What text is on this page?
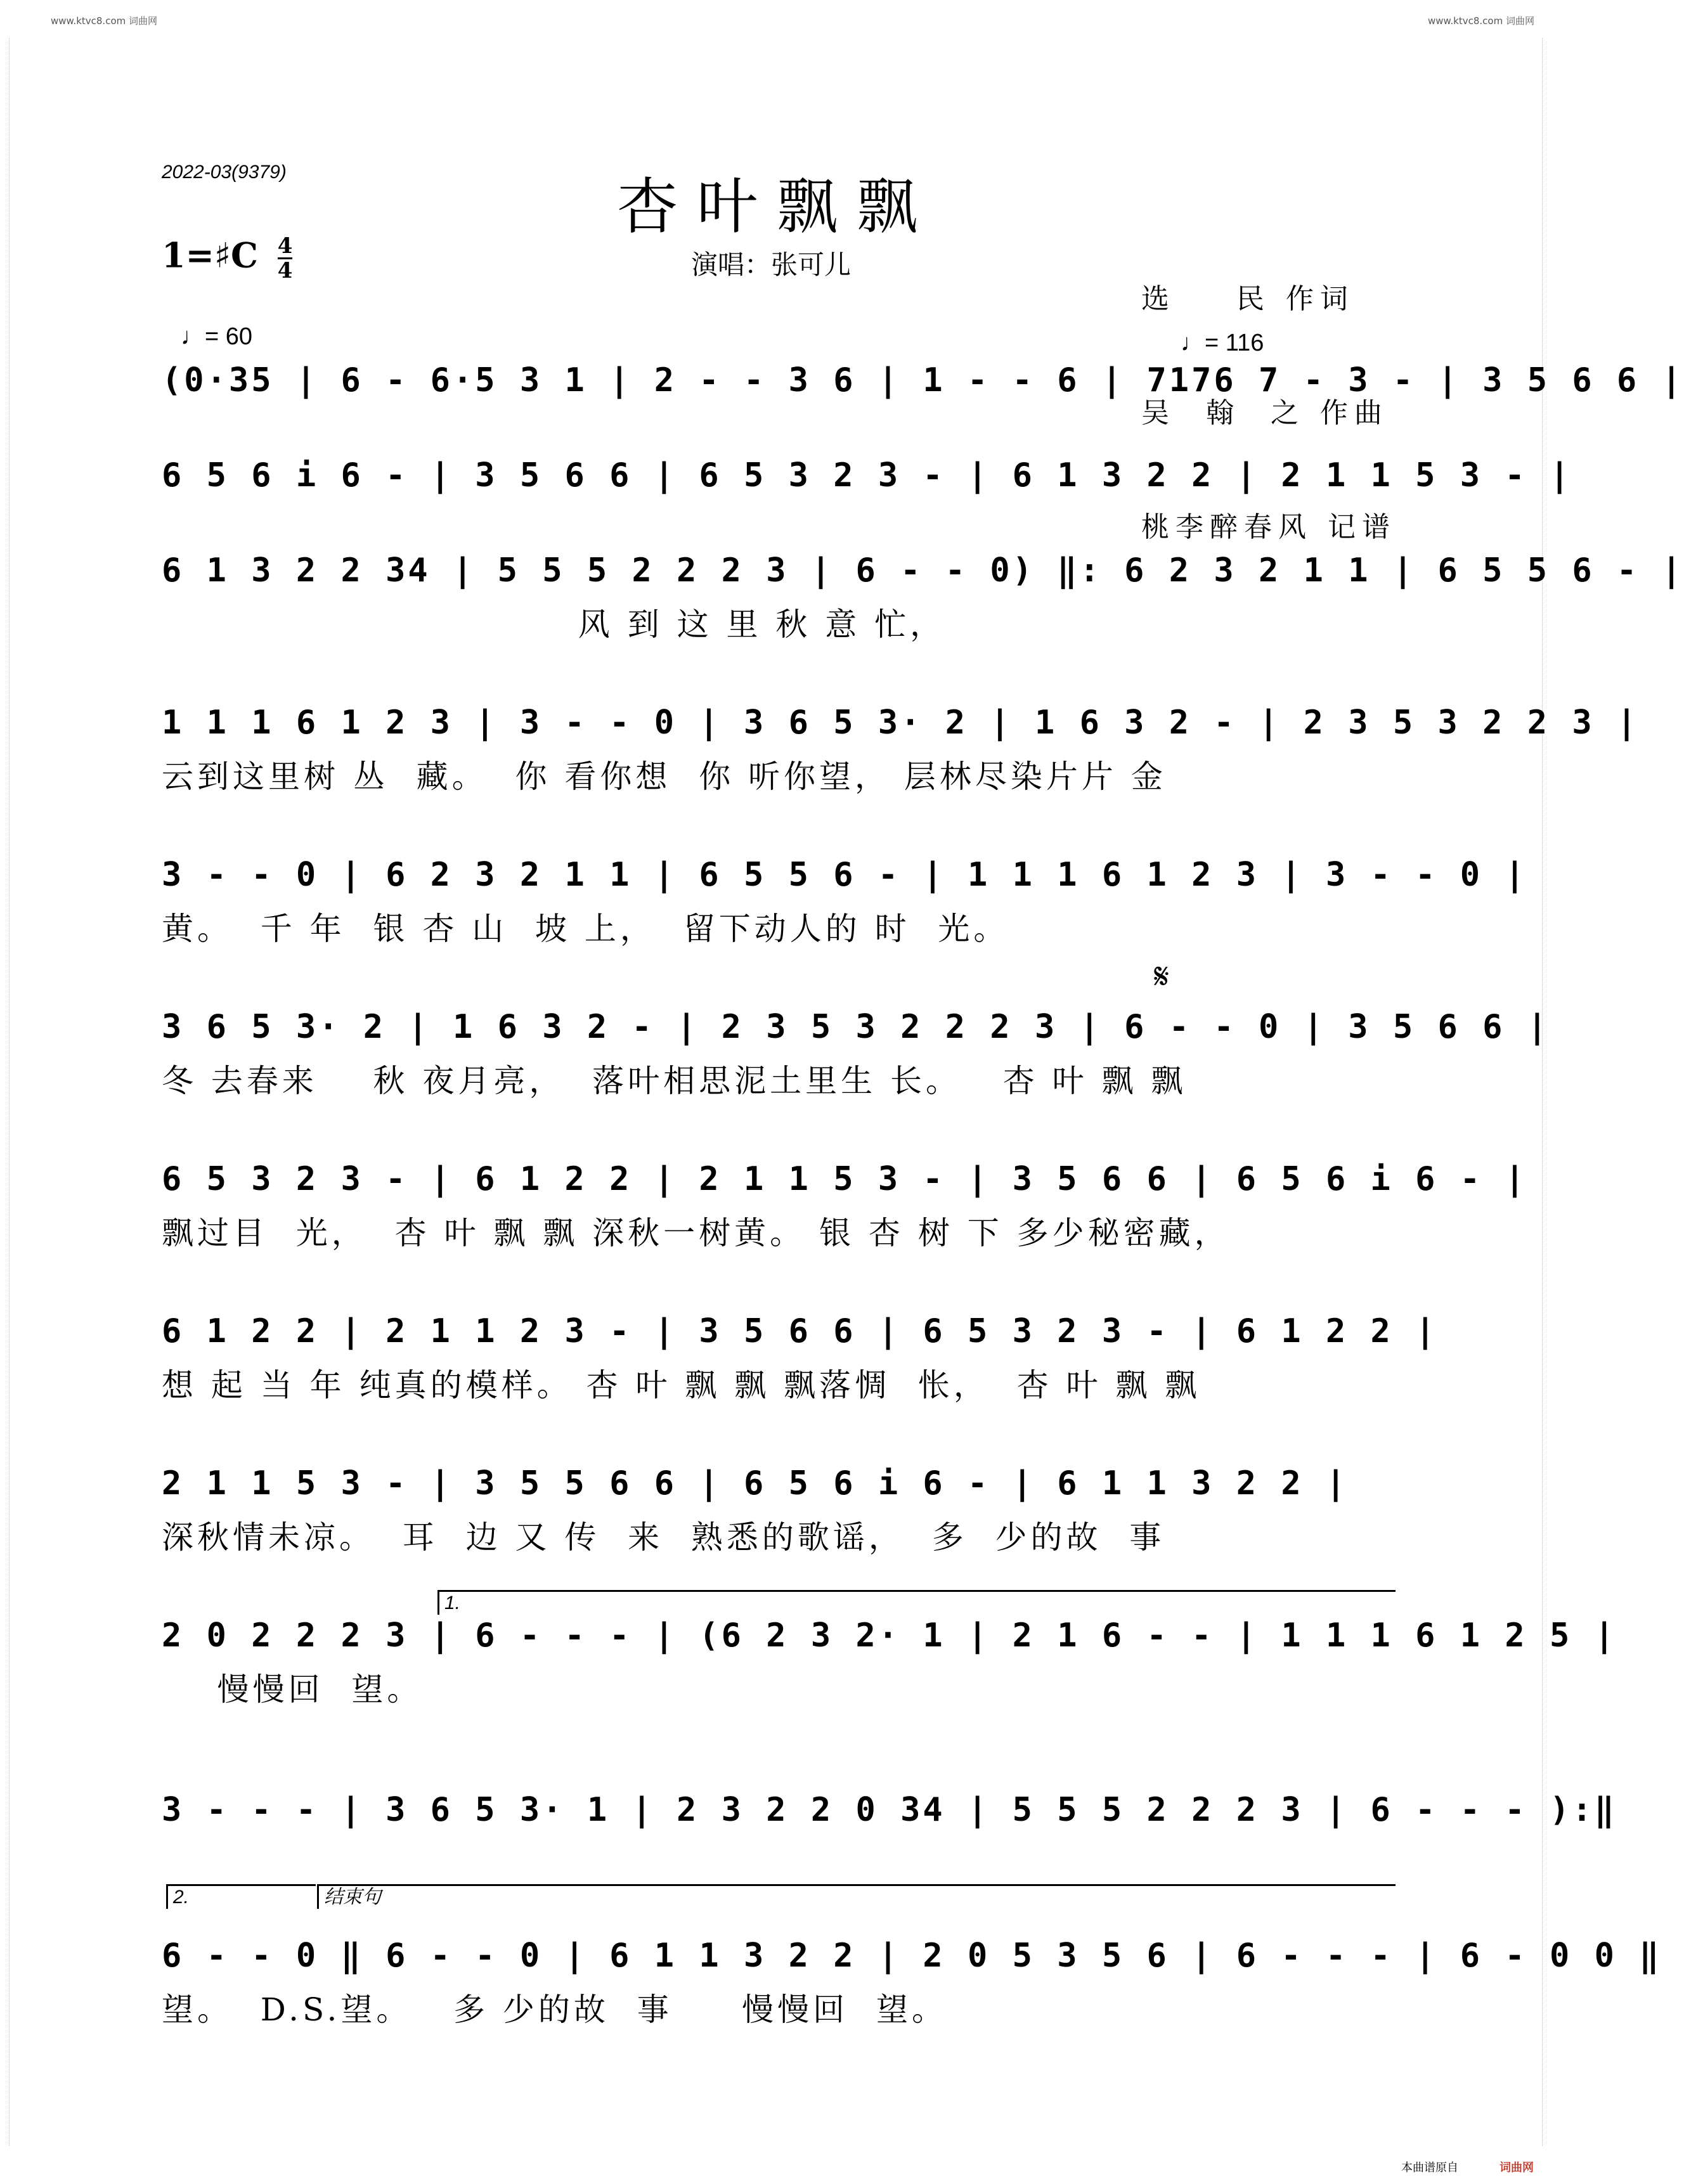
www.ktvc8.com 词曲网	www.ktvc8.com 词曲网
2022-03(9379)	杏叶飘飘
1=♯C $\frac{4}{4}$	演唱：张可儿

选    民 作词

吴  翰  之 作曲

桃李醉春风 记谱

♩= 60	♩= 116
𝄋
(0·35 | 6 - 6·5 3 1 | 2 - - 3 6 | 1 - - 6 | 7176 7 - 3 - | 3 5 6 6 |
6 5 6 i 6 - | 3 5 6 6 | 6 5 3 2 3 - | 6 1 3 2 2 | 2 1 1 5 3 - |
6 1 3 2 2 34 | 5 5 5 2 2 2 3 | 6 - - 0) ‖: 6 2 3 2 1 1 | 6 5 5 6 - |
风 到 这 里 秋 意 忙，
1 1 1 6 1 2 3 | 3 - - 0 | 3 6 5 3· 2 | 1 6 3 2 - | 2 3 5 3 2 2 3 |
云到这里树 丛  藏。  你 看你想  你 听你望， 层林尽染片片 金
3 - - 0 | 6 2 3 2 1 1 | 6 5 5 6 - | 1 1 1 6 1 2 3 | 3 - - 0 |
黄。  千 年  银 杏 山  坡 上，  留下动人的 时  光。
3 6 5 3· 2 | 1 6 3 2 - | 2 3 5 3 2 2 2 3 | 6 - - 0 | 3 5 6 6 |
冬 去春来    秋 夜月亮，  落叶相思泥土里生 长。   杏 叶 飘 飘
6 5 3 2 3 - | 6 1 2 2 | 2 1 1 5 3 - | 3 5 6 6 | 6 5 6 i 6 - |
飘过目  光，  杏 叶 飘 飘 深秋一树黄。 银 杏 树 下 多少秘密藏，
6 1 2 2 | 2 1 1 2 3 - | 3 5 6 6 | 6 5 3 2 3 - | 6 1 2 2 |
想 起 当 年 纯真的模样。 杏 叶 飘 飘 飘落惆  怅，  杏 叶 飘 飘
2 1 1 5 3 - | 3 5 5 6 6 | 6 5 6 i 6 - | 6 1 1 3 2 2 |
深秋情未凉。  耳  边 又 传  来  熟悉的歌谣，  多  少的故  事
2 0 2 2 2 3 | 6 - - - | (6 2 3 2· 1 | 2 1 6 - - | 1 1 1 6 1 2 5 |
慢慢回  望。
3 - - - | 3 6 5 3· 1 | 2 3 2 2 0 34 | 5 5 5 2 2 2 3 | 6 - - - ):‖
6 - - 0 ‖ 6 - - 0 | 6 1 1 3 2 2 | 2 0 5 3 5 6 | 6 - - - | 6 - 0 0 ‖
望。  D.S.望。   多 少的故  事     慢慢回  望。
1.
2.	结束句
本曲谱原自	词曲网
